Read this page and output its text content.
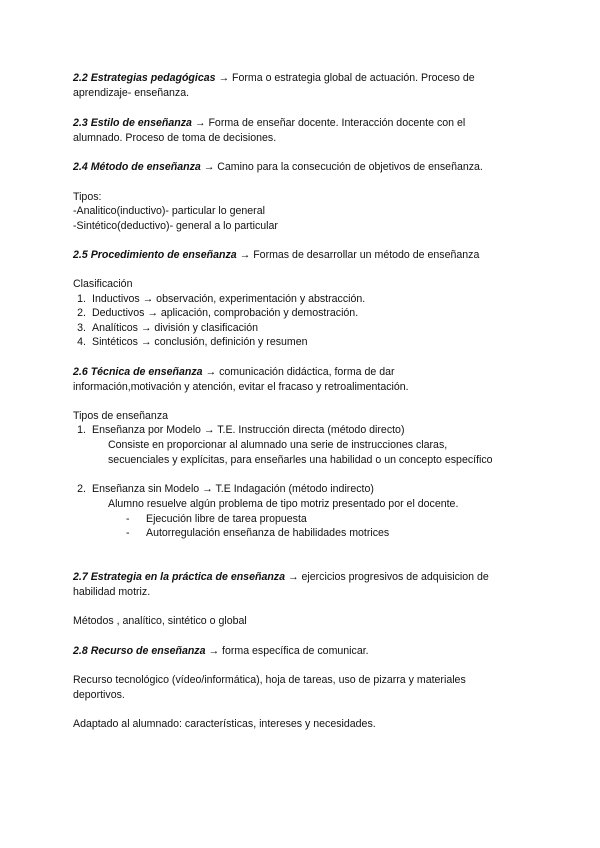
2.2 Estrategias pedagógicas → Forma o estrategia global de actuación. Proceso de
aprendizaje- enseñanza.
2.3 Estilo de enseñanza → Forma de enseñar docente. Interacción docente con el
alumnado. Proceso de toma de decisiones.
2.4 Método de enseñanza → Camino para la consecución de objetivos de enseñanza.
Tipos:
-Analitico(inductivo)- particular lo general
-Sintético(deductivo)- general a lo particular
2.5 Procedimiento de enseñanza → Formas de desarrollar un método de enseñanza
Clasificación
1. Inductivos → observación, experimentación y abstracción.
2. Deductivos → aplicación, comprobación y demostración.
3. Analíticos → división y clasificación
4. Sintéticos → conclusión, definición y resumen
2.6 Técnica de enseñanza → comunicación didáctica, forma de dar
información,motivación y atención, evitar el fracaso y retroalimentación.
Tipos de enseñanza
1. Enseñanza por Modelo → T.E. Instrucción directa (método directo)
Consiste en proporcionar al alumnado una serie de instrucciones claras,
secuenciales y explícitas, para enseñarles una habilidad o un concepto específico
2. Enseñanza sin Modelo → T.E Indagación (método indirecto)
Alumno resuelve algún problema de tipo motriz presentado por el docente.
- Ejecución libre de tarea propuesta
- Autorregulación enseñanza de habilidades motrices
2.7 Estrategia en la práctica de enseñanza → ejercicios progresivos de adquisicion de
habilidad motriz.
Métodos , analítico, sintético o global
2.8 Recurso de enseñanza → forma específica de comunicar.
Recurso tecnológico (vídeo/informática), hoja de tareas, uso de pizarra y materiales
deportivos.
Adaptado al alumnado: características, intereses y necesidades.
